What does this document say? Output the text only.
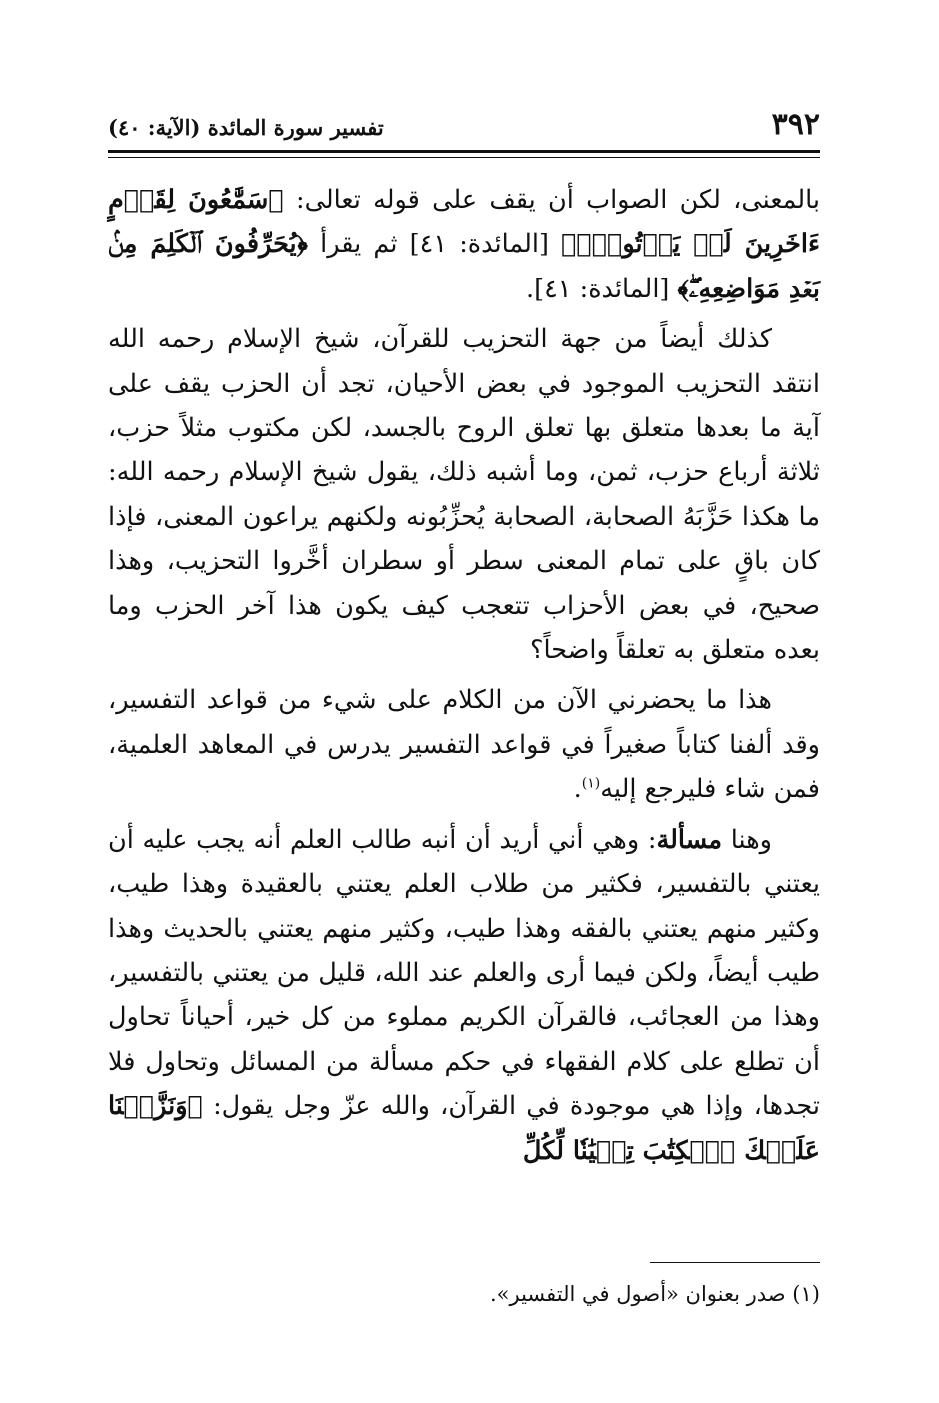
٣٩٢
تفسير سورة المائدة (الآية: ٤٠)

بالمعنى، لكن الصواب أن يقف على قوله تعالى: ﴿سَمَّٰعُونَ لِقَوۡمٍ ءَاخَرِينَ لَمۡ يَأۡتُوكَۖ﴾ [المائدة: ٤١] ثم يقرأ ﴿يُحَرِّفُونَ ٱلۡكَلِمَ مِنۢ بَعۡدِ مَوَاضِعِهِۦۖ﴾ [المائدة: ٤١].

كذلك أيضاً من جهة التحزيب للقرآن، شيخ الإسلام رحمه الله انتقد التحزيب الموجود في بعض الأحيان، تجد أن الحزب يقف على آية ما بعدها متعلق بها تعلق الروح بالجسد، لكن مكتوب مثلاً حزب، ثلاثة أرباع حزب، ثمن، وما أشبه ذلك، يقول شيخ الإسلام رحمه الله: ما هكذا حَزَّبَهُ الصحابة، الصحابة يُحزِّبُونه ولكنهم يراعون المعنى، فإذا كان باقٍ على تمام المعنى سطر أو سطران أخَّروا التحزيب، وهذا صحيح، في بعض الأحزاب تتعجب كيف يكون هذا آخر الحزب وما بعده متعلق به تعلقاً واضحاً؟

هذا ما يحضرني الآن من الكلام على شيء من قواعد التفسير، وقد ألفنا كتاباً صغيراً في قواعد التفسير يدرس في المعاهد العلمية، فمن شاء فليرجع إليه$^{(١)}$.

وهنا مسألة: وهي أني أريد أن أنبه طالب العلم أنه يجب عليه أن يعتني بالتفسير، فكثير من طلاب العلم يعتني بالعقيدة وهذا طيب، وكثير منهم يعتني بالفقه وهذا طيب، وكثير منهم يعتني بالحديث وهذا طيب أيضاً، ولكن فيما أرى والعلم عند الله، قليل من يعتني بالتفسير، وهذا من العجائب، فالقرآن الكريم مملوء من كل خير، أحياناً تحاول أن تطلع على كلام الفقهاء في حكم مسألة من المسائل وتحاول فلا تجدها، وإذا هي موجودة في القرآن، والله عزّ وجل يقول: ﴿وَنَزَّلۡنَا عَلَيۡكَ ٱلۡكِتَٰبَ تِبۡيَٰنٗا لِّكُلِّ

(١) صدر بعنوان «أصول في التفسير».
